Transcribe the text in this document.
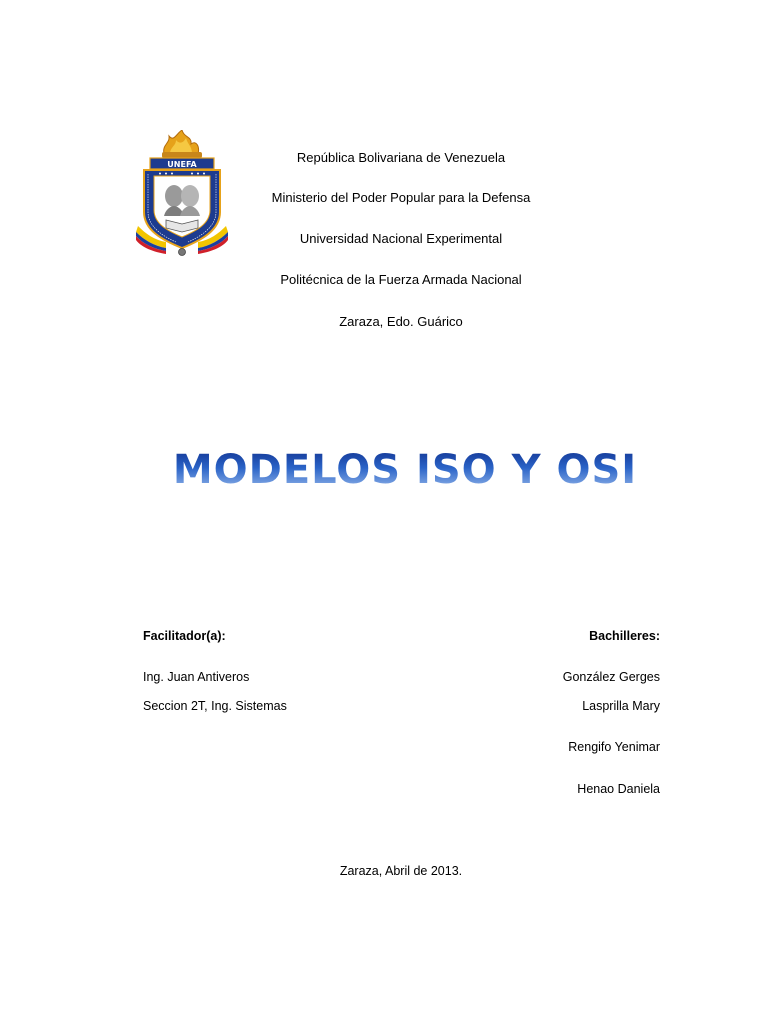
UNEFA	República Bolivariana de Venezuela
Ministerio del Poder Popular para la Defensa
Universidad Nacional Experimental
Politécnica de la Fuerza Armada Nacional
Zaraza, Edo. Guárico
MODELOS ISO Y OSI
Facilitador(a):
Ing. Juan Antiveros
Seccion 2T, Ing. Sistemas
Bachilleres:
González Gerges
Lasprilla Mary
Rengifo Yenimar
Henao Daniela
Zaraza, Abril de 2013.
